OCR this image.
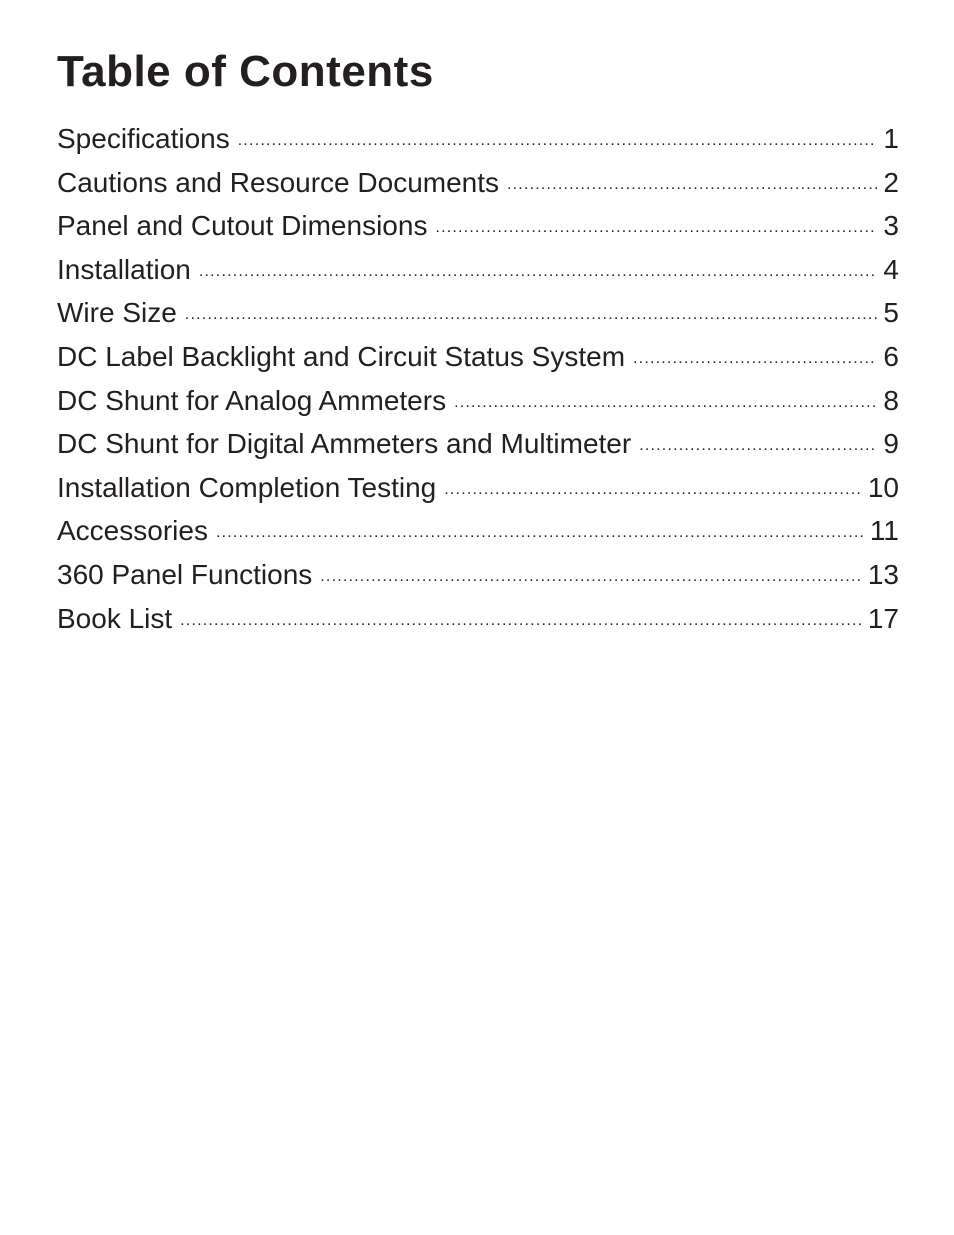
Table of Contents
Specifications .....	1
Cautions and Resource Documents .....	2
Panel and Cutout Dimensions .....	3
Installation .....	4
Wire Size .....	5
DC Label Backlight and Circuit Status System .....	6
DC Shunt for Analog Ammeters .....	8
DC Shunt for Digital Ammeters and Multimeter .....	9
Installation Completion Testing .....	10
Accessories .....	11
360 Panel Functions .....	13
Book List .....	17
